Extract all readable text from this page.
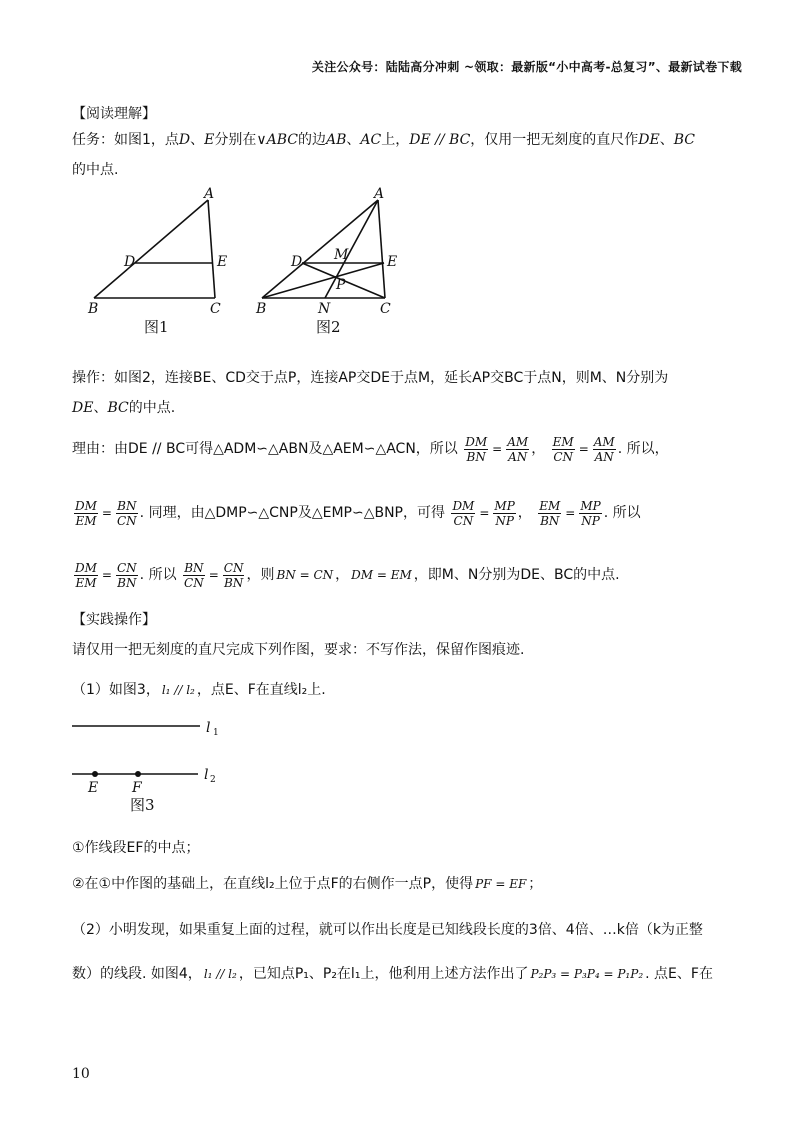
关注公众号：陆陆高分冲刺 ~领取：最新版“小中高考-总复习”、最新试卷下载
【阅读理解】
任务：如图1，点D、E分别在∨ABC的边AB、AC上，DE // BC，仅用一把无刻度的直尺作DE、BC
的中点.
A
D	E
B	C
图1
A
D	E
M
P
B	N	C
图2
操作：如图2，连接BE、CD交于点P，连接AP交DE于点M，延长AP交BC于点N，则M、N分别为
DE、BC的中点.
理由：由DE // BC可得△ADM∽△ABN及△AEM∽△ACN，所以 $\frac{DM}{BN} = \frac{AM}{AN}$ ， $\frac{EM}{CN} = \frac{AM}{AN}$ . 所以，
$\frac{DM}{EM} = \frac{BN}{CN}$ . 同理，由△DMP∽△CNP及△EMP∽△BNP，可得 $\frac{DM}{CN} = \frac{MP}{NP}$ ， $\frac{EM}{BN} = \frac{MP}{NP}$ . 所以
$\frac{DM}{EM} = \frac{CN}{BN}$ . 所以 $\frac{BN}{CN} = \frac{CN}{BN}$ ，则 BN = CN ， DM = EM ，即M、N分别为DE、BC的中点.
【实践操作】
请仅用一把无刻度的直尺完成下列作图，要求：不写作法，保留作图痕迹.
（1）如图3， l₁ // l₂ ，点E、F在直线l₂上.
l 1
l 2
E F
图3
①作线段EF的中点；
②在①中作图的基础上，在直线l₂上位于点F的右侧作一点P，使得 PF = EF ；
（2）小明发现，如果重复上面的过程，就可以作出长度是已知线段长度的3倍、4倍、…k倍（k为正整
数）的线段. 如图4， l₁ // l₂ ，已知点P₁、P₂在l₁上，他利用上述方法作出了 P₂P₃ = P₃P₄ = P₁P₂ . 点E、F在
10
